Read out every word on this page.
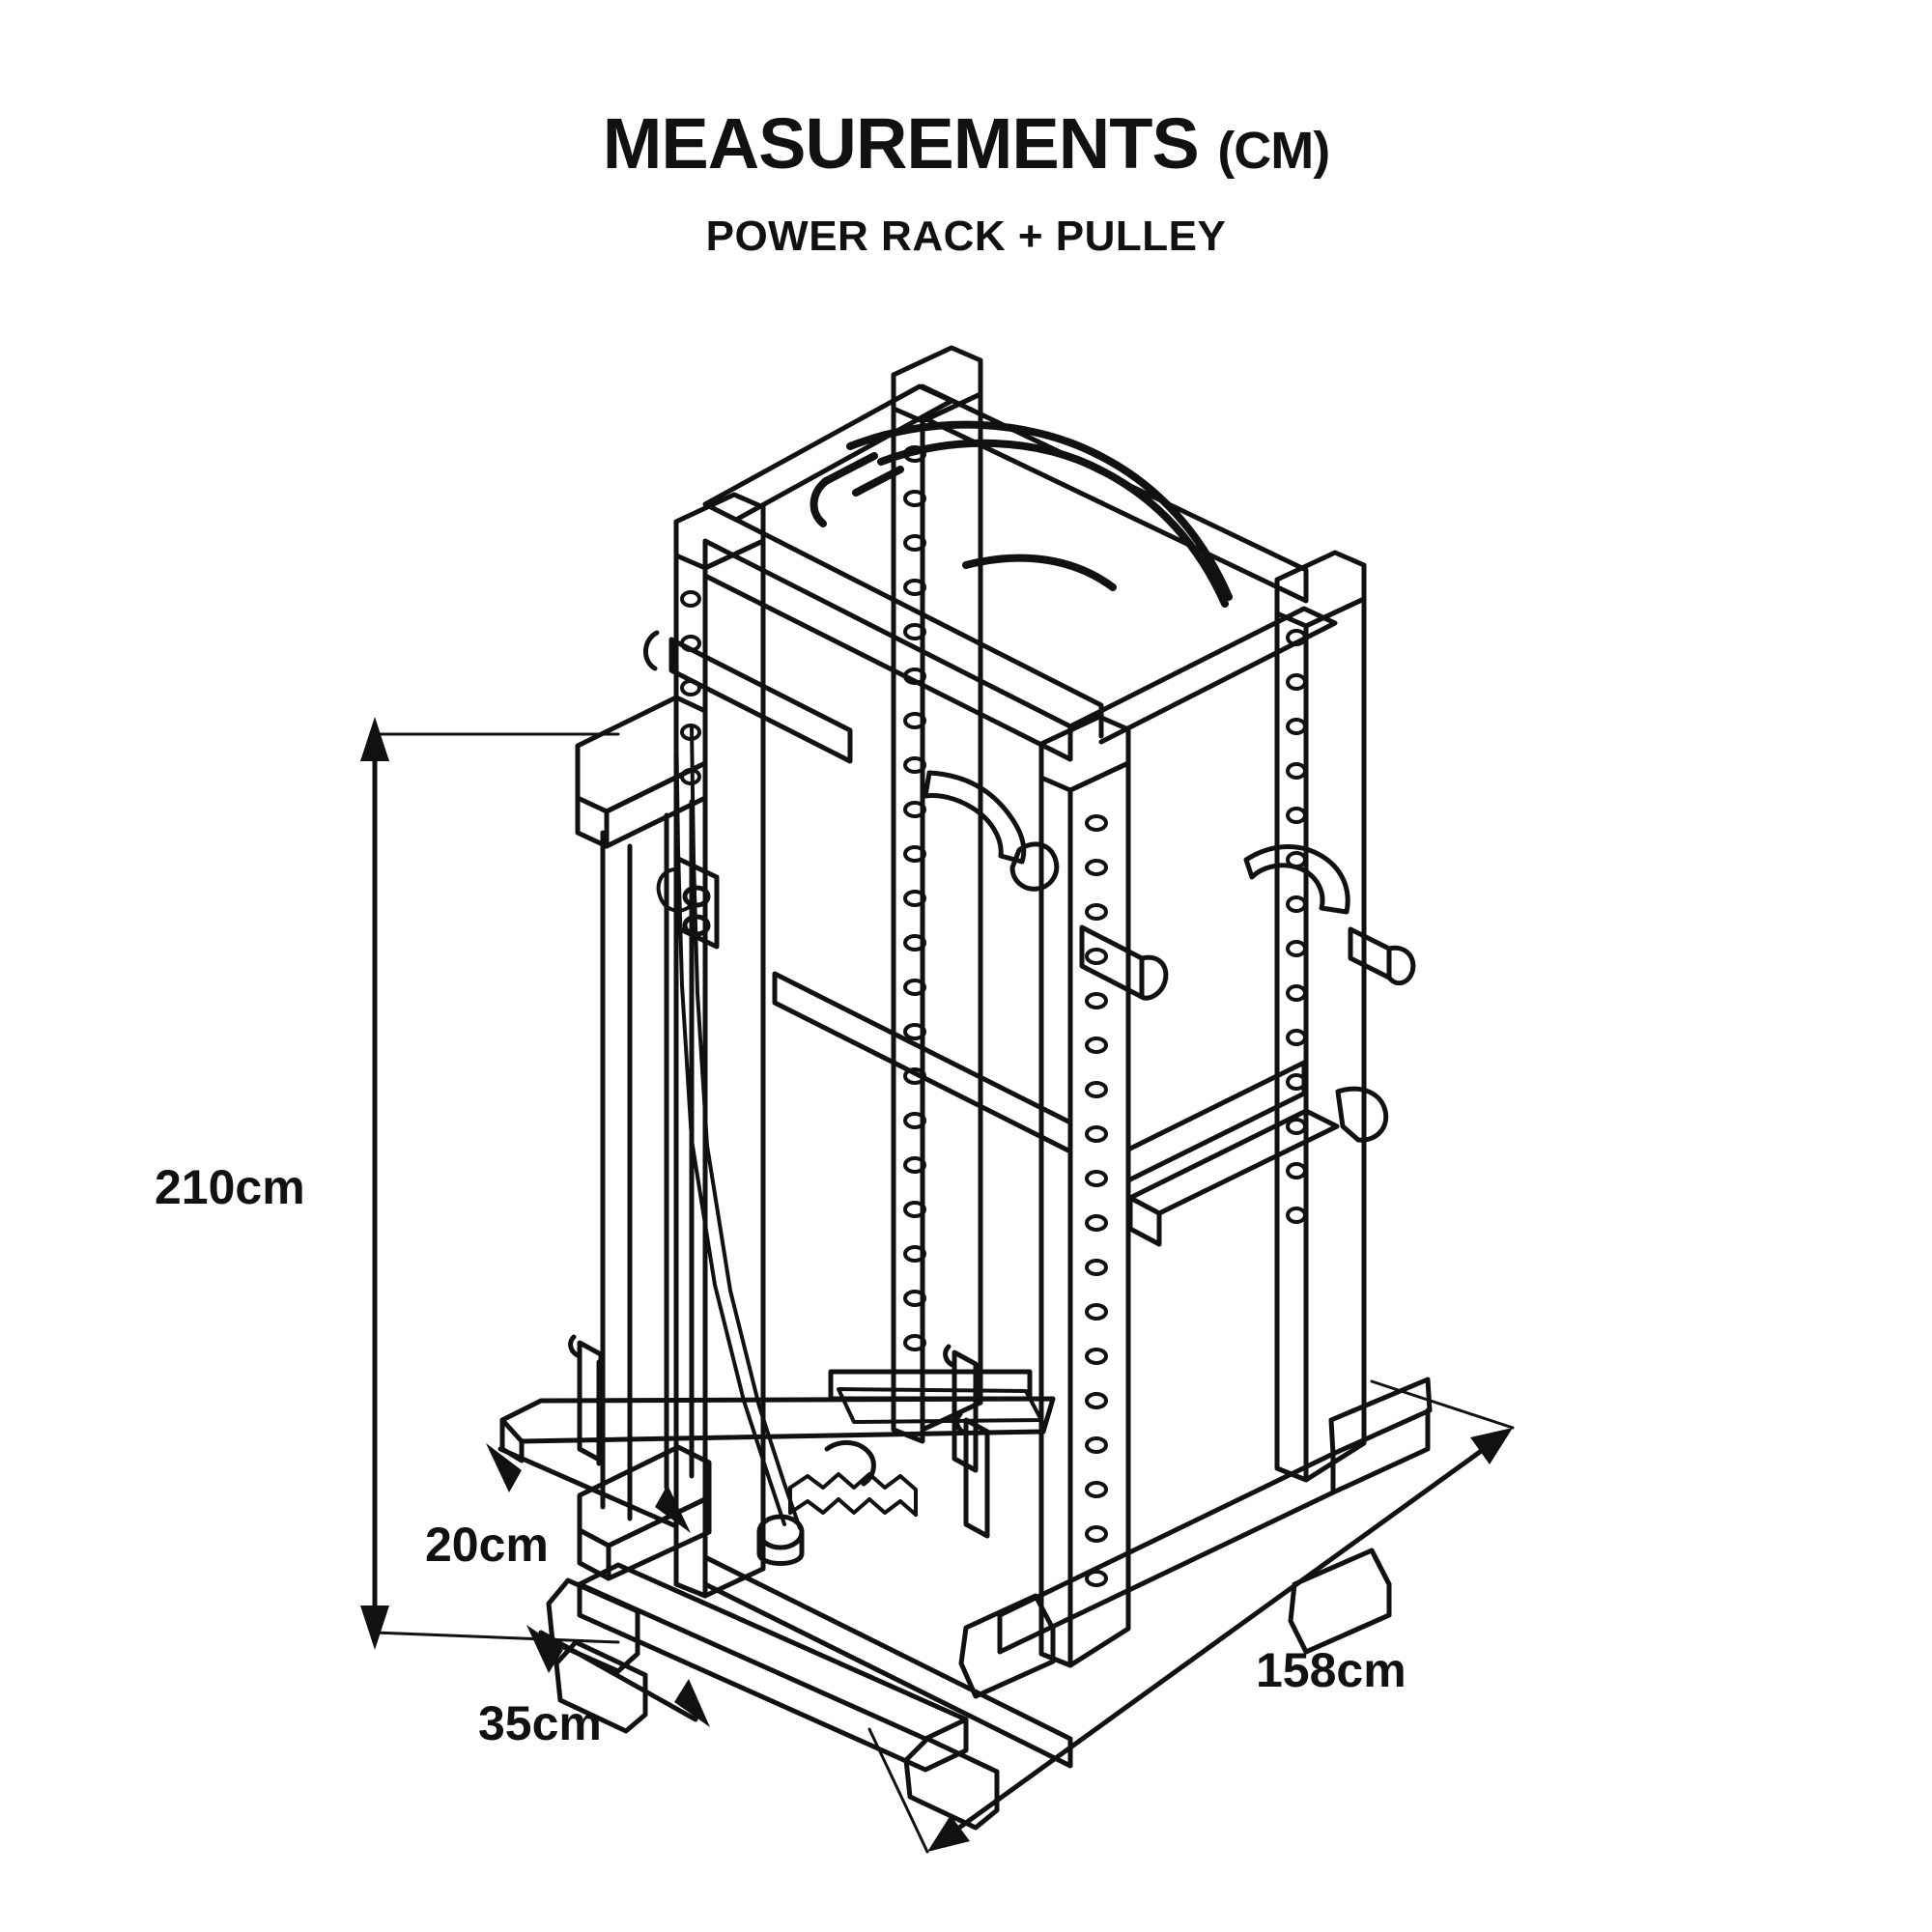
MEASUREMENTS (CM)
POWER RACK + PULLEY
210cm
20cm
35cm
158cm
